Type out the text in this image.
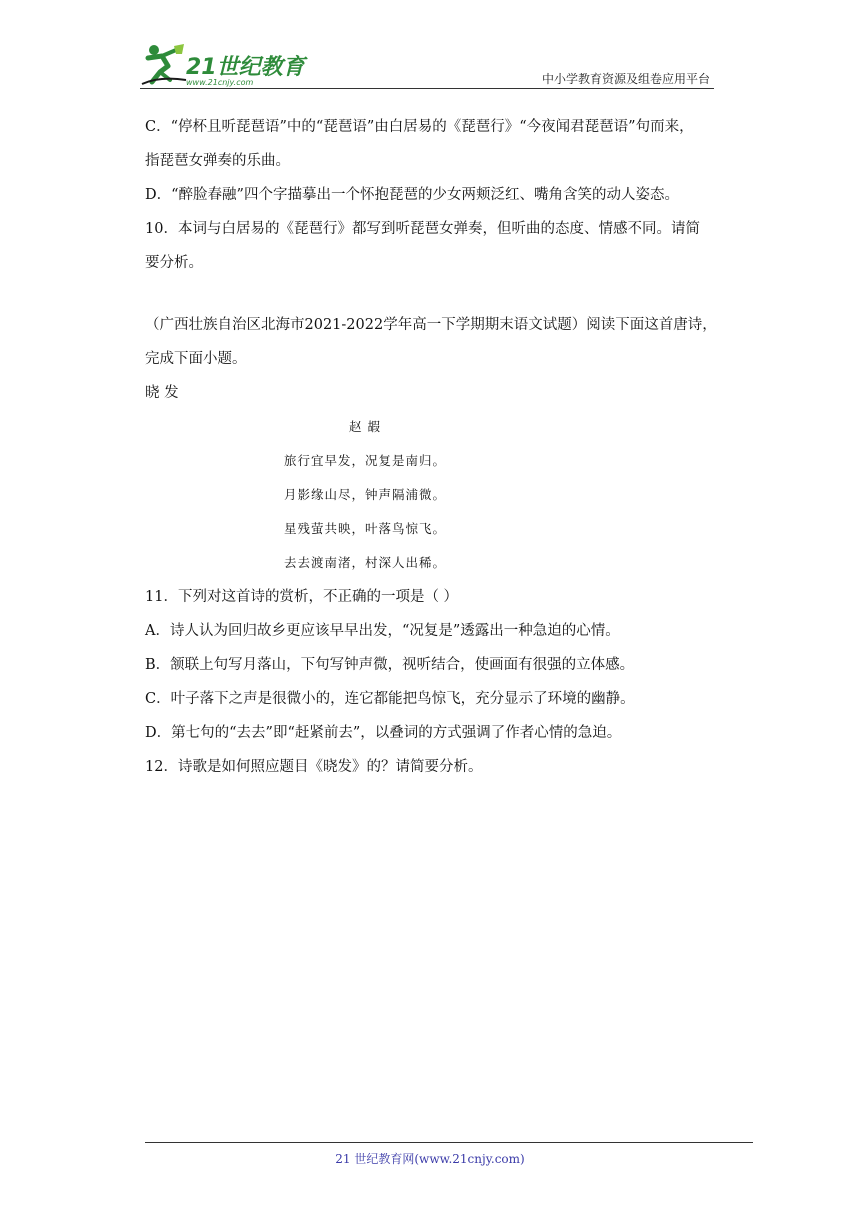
21世纪教育
www.21cnjy.com	中小学教育资源及组卷应用平台
C．“停杯且听琵琶语”中的“琵琶语”由白居易的《琵琶行》“今夜闻君琵琶语”句而来，
指琵琶女弹奏的乐曲。
D．“醉脸春融”四个字描摹出一个怀抱琵琶的少女两颊泛红、嘴角含笑的动人姿态。
10．本词与白居易的《琵琶行》都写到听琵琶女弹奏，但听曲的态度、情感不同。请简
要分析。
（广西壮族自治区北海市2021-2022学年高一下学期期末语文试题）阅读下面这首唐诗，
完成下面小题。
晓 发
赵 嘏
旅行宜早发，况复是南归。
月影缘山尽，钟声隔浦微。
星残萤共映，叶落鸟惊飞。
去去渡南渚，村深人出稀。
11．下列对这首诗的赏析，不正确的一项是（ ）
A．诗人认为回归故乡更应该早早出发，“况复是”透露出一种急迫的心情。
B．颔联上句写月落山，下句写钟声微，视听结合，使画面有很强的立体感。
C．叶子落下之声是很微小的，连它都能把鸟惊飞，充分显示了环境的幽静。
D．第七句的“去去”即“赶紧前去”，以叠词的方式强调了作者心情的急迫。
12．诗歌是如何照应题目《晓发》的？请简要分析。
21 世纪教育网(www.21cnjy.com)
